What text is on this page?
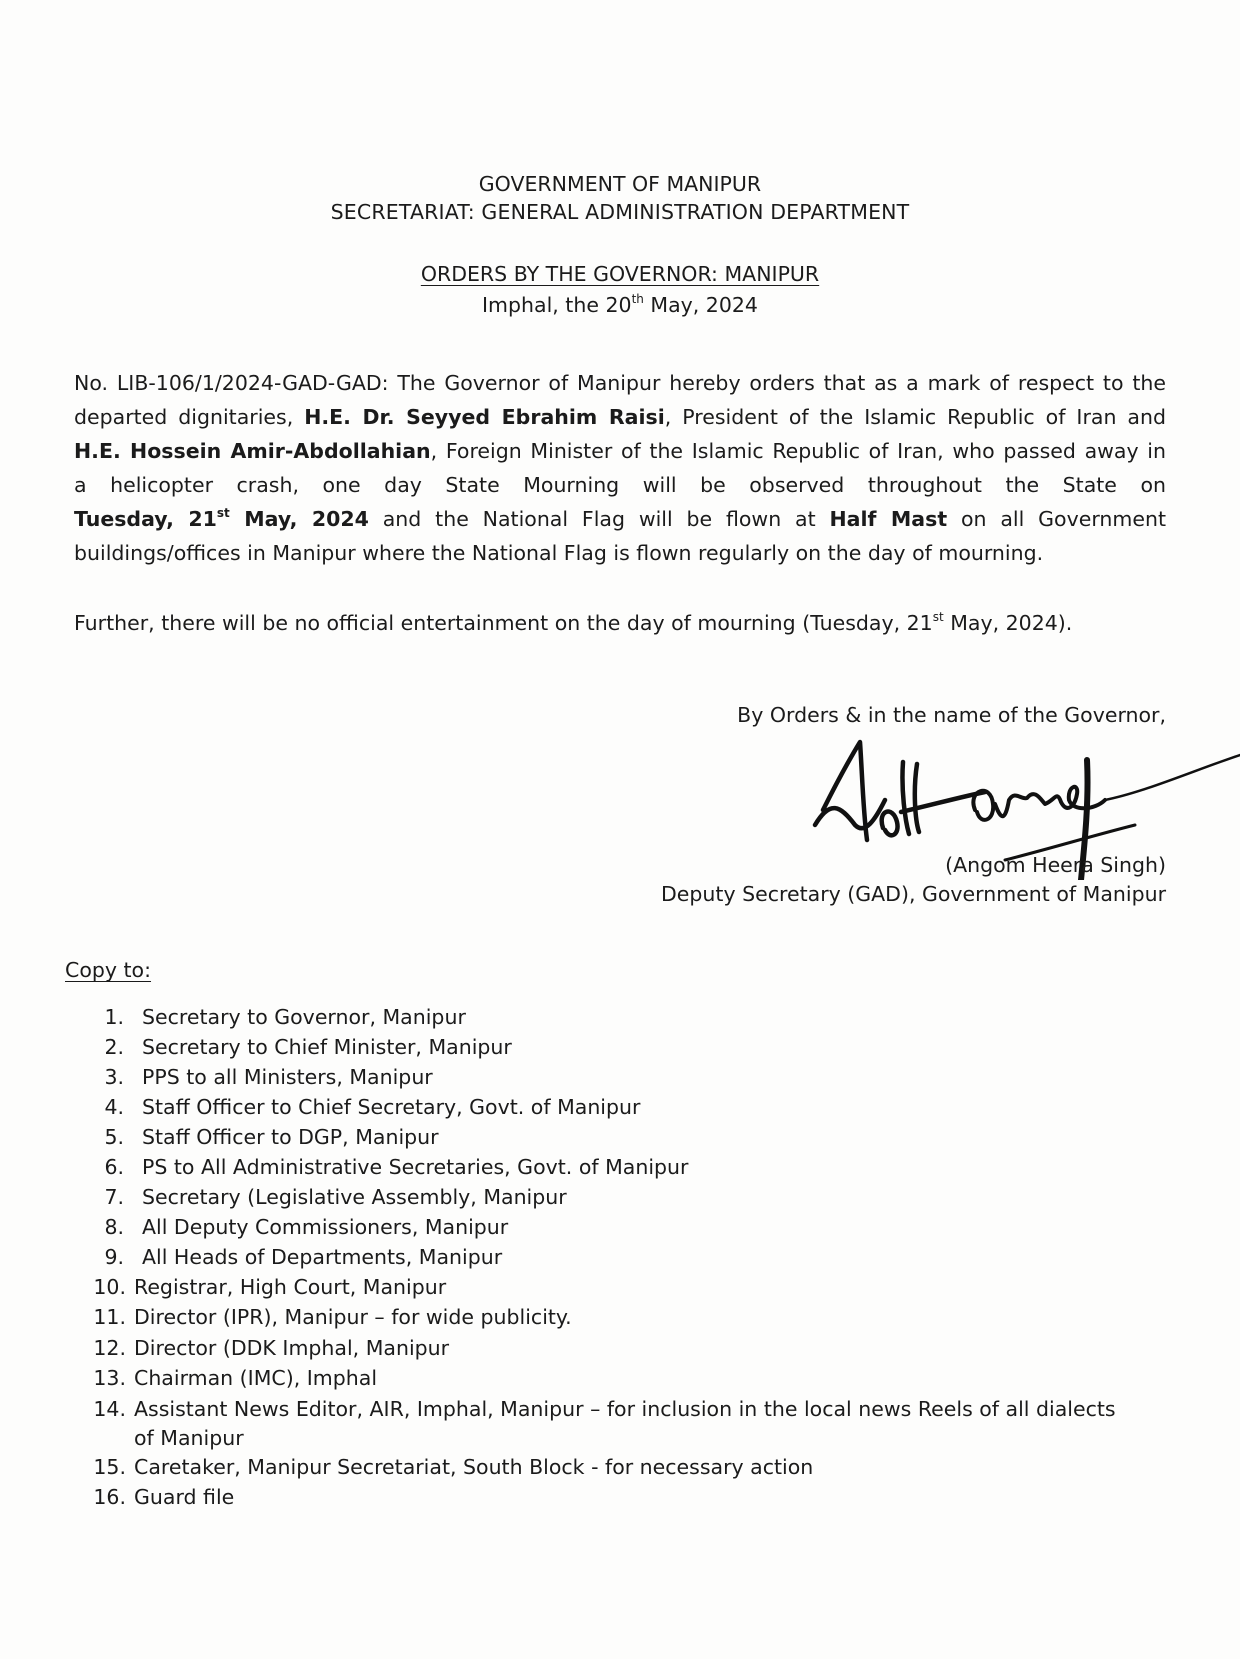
GOVERNMENT OF MANIPUR
SECRETARIAT: GENERAL ADMINISTRATION DEPARTMENT
ORDERS BY THE GOVERNOR: MANIPUR
Imphal, the 20th May, 2024
No. LIB-106/1/2024-GAD-GAD: The Governor of Manipur hereby orders that as a mark of respect to the
departed dignitaries, H.E. Dr. Seyyed Ebrahim Raisi, President of the Islamic Republic of Iran and
H.E. Hossein Amir-Abdollahian, Foreign Minister of the Islamic Republic of Iran, who passed away in
a helicopter crash, one day State Mourning will be observed throughout the State on
Tuesday, 21st May, 2024 and the National Flag will be flown at Half Mast on all Government
buildings/offices in Manipur where the National Flag is flown regularly on the day of mourning.
Further, there will be no official entertainment on the day of mourning (Tuesday, 21st May, 2024).
By Orders & in the name of the Governor,
(Angom Heera Singh)
Deputy Secretary (GAD), Government of Manipur
Copy to:
1. Secretary to Governor, Manipur
2. Secretary to Chief Minister, Manipur
3. PPS to all Ministers, Manipur
4. Staff Officer to Chief Secretary, Govt. of Manipur
5. Staff Officer to DGP, Manipur
6. PS to All Administrative Secretaries, Govt. of Manipur
7. Secretary (Legislative Assembly, Manipur
8. All Deputy Commissioners, Manipur
9. All Heads of Departments, Manipur
10. Registrar, High Court, Manipur
11. Director (IPR), Manipur – for wide publicity.
12. Director (DDK Imphal, Manipur
13. Chairman (IMC), Imphal
14. Assistant News Editor, AIR, Imphal, Manipur – for inclusion in the local news Reels of all dialects
of Manipur
15. Caretaker, Manipur Secretariat, South Block - for necessary action
16. Guard file
